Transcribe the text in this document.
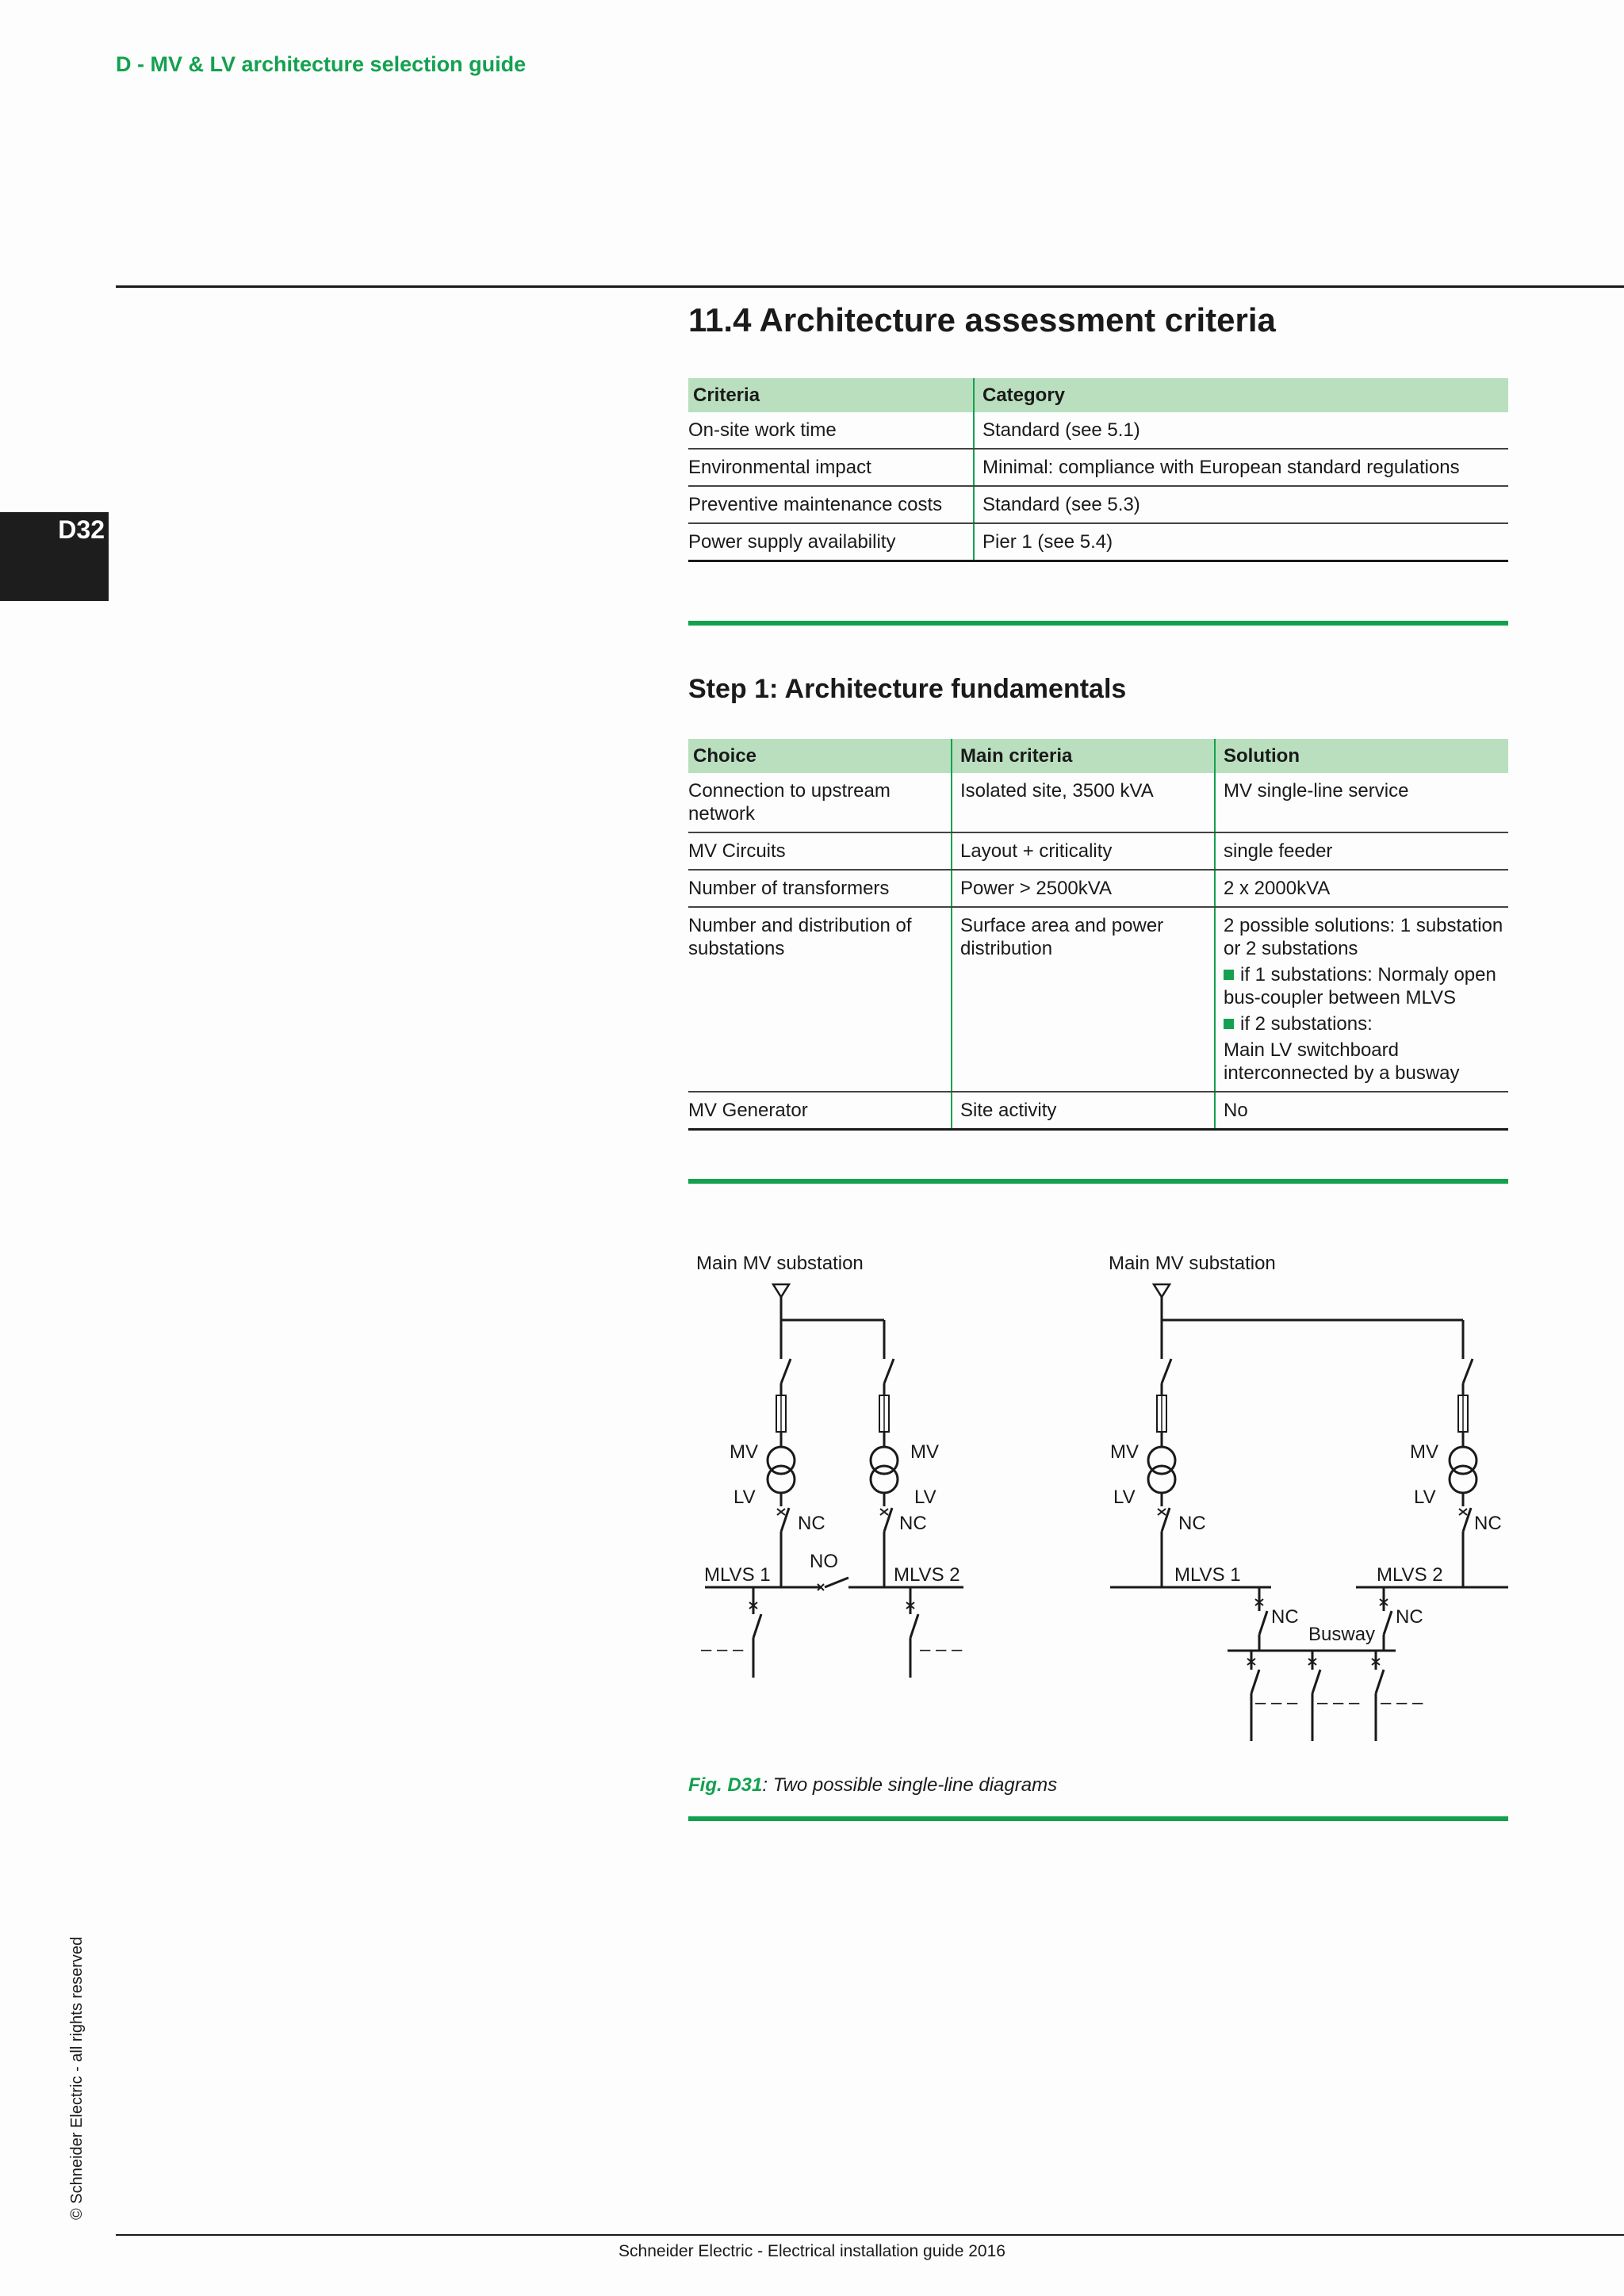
D - MV & LV architecture selection guide
D32
11.4 Architecture assessment criteria
Criteria	Category
On-site work time	Standard (see 5.1)
Environmental impact	Minimal: compliance with European standard regulations
Preventive maintenance costs	Standard (see 5.3)
Power supply availability	Pier 1 (see 5.4)
Step 1: Architecture fundamentals
Choice	Main criteria	Solution
Connection to upstream network	Isolated site, 3500 kVA	MV single-line service
MV Circuits	Layout + criticality	single feeder
Number of transformers	Power > 2500kVA	2 x 2000kVA
Number and distribution of substations	Surface area and power distribution	2 possible solutions: 1 substation or 2 substations
if 1 substations: Normaly open bus-coupler between MLVS
if 2 substations:
Main LV switchboard interconnected by a busway

MV Generator	Site activity	No
Main MV substation
MV	MV
LV	LV
NC	NC
NO
MLVS 1	MLVS 2
– – –	– – –
Main MV substation
MV	MV
LV	LV
NC	NC
MLVS 1	MLVS 2
NC	NC
Busway
– – – – – – – – –
Fig. D31: Two possible single-line diagrams
Schneider Electric - Electrical installation guide 2016
© Schneider Electric - all rights reserved
